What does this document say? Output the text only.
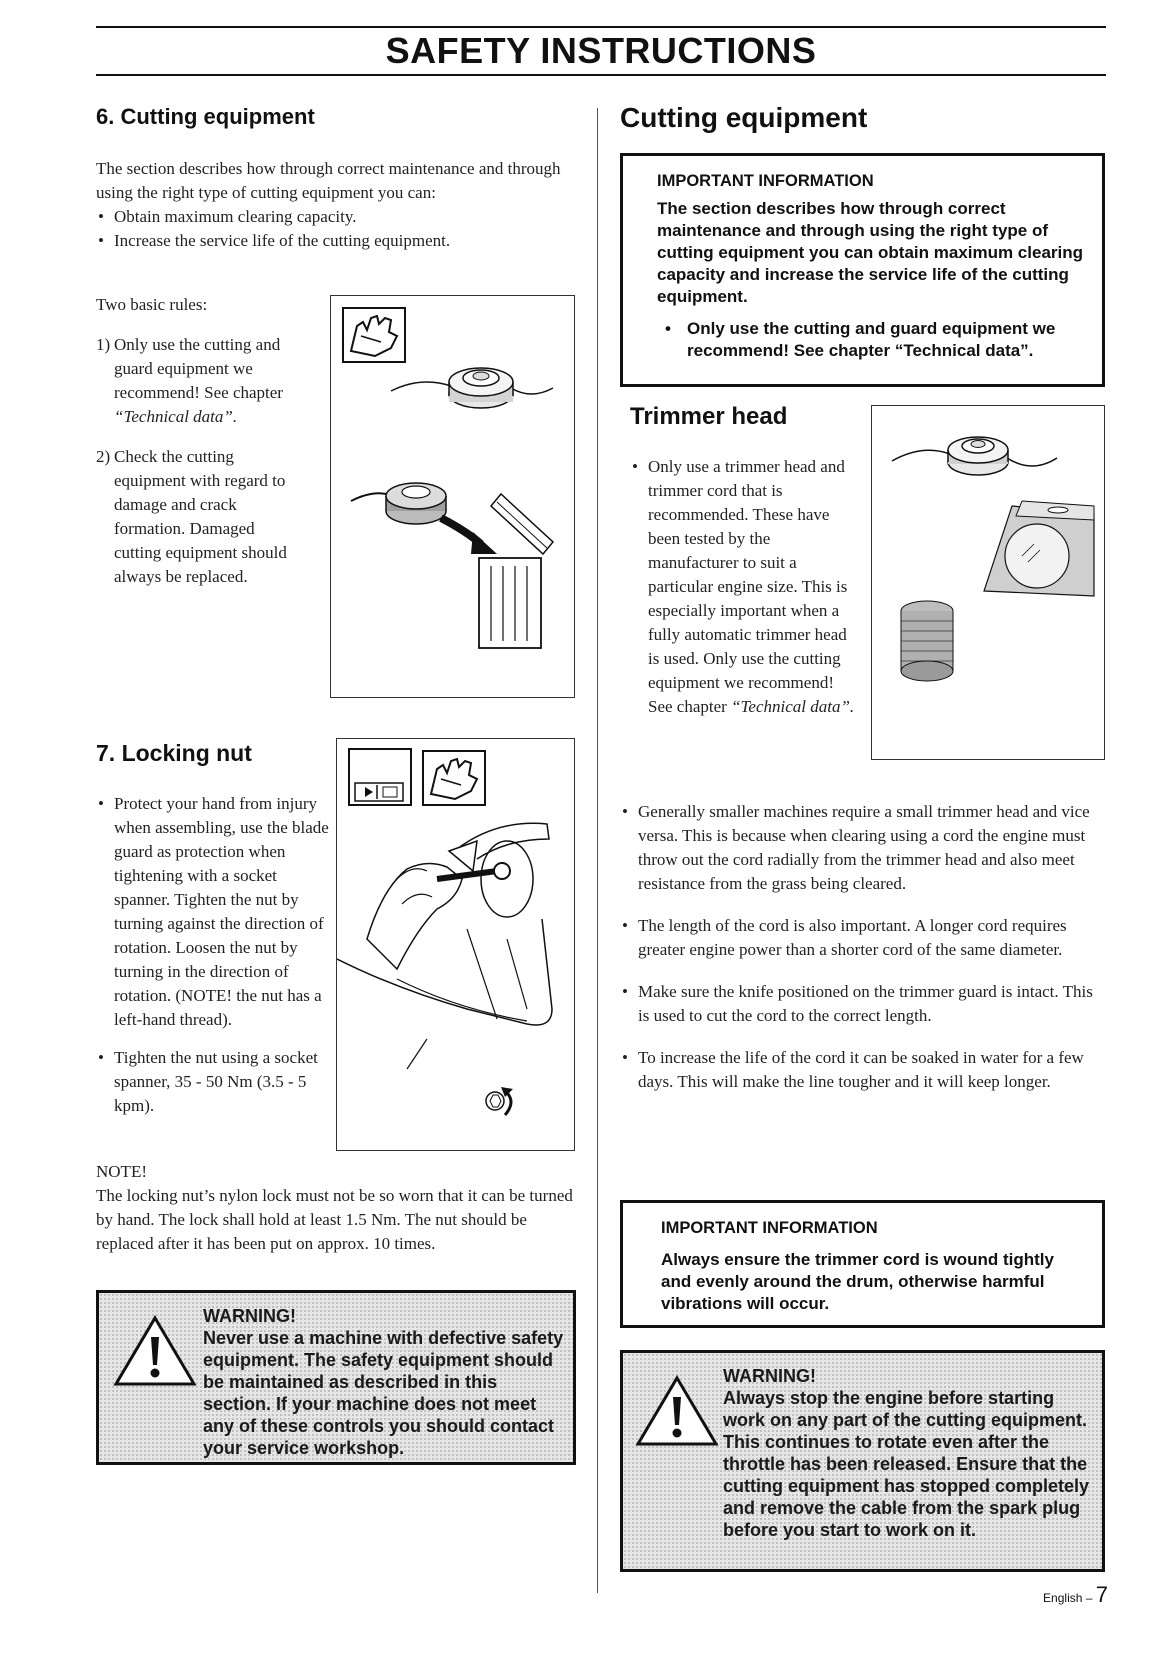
SAFETY INSTRUCTIONS
6. Cutting equipment
The section describes how through correct maintenance and through using the right type of cutting equipment you can:
• Obtain maximum clearing capacity.
• Increase the service life of the cutting equipment.
Two basic rules:
1) Only use the cutting and guard equipment we recommend! See chapter “Technical data”.
2) Check the cutting equipment with regard to damage and crack formation. Damaged cutting equipment should always be replaced.
7. Locking nut
• Protect your hand from injury when assembling, use the blade guard as protection when tightening with a socket spanner. Tighten the nut by turning against the direction of rotation. Loosen the nut by turning in the direction of rotation. (NOTE! the nut has a left-hand thread).
• Tighten the nut using a socket spanner, 35 - 50 Nm (3.5 - 5 kpm).
NOTE!
The locking nut’s nylon lock must not be so worn that it can be turned by hand. The lock shall hold at least 1.5 Nm. The nut should be replaced after it has been put on approx. 10 times.
WARNING!
Never use a machine with defective safety equipment. The safety equipment should be maintained as described in this section. If your machine does not meet any of these controls you should contact your service workshop.
Cutting equipment
IMPORTANT INFORMATION
The section describes how through correct maintenance and through using the right type of cutting equipment you can obtain maximum clearing capacity and increase the service life of the cutting equipment.
• Only use the cutting and guard equipment we recommend! See chapter “Technical data”.
Trimmer head
• Only use a trimmer head and trimmer cord that is recommended. These have been tested by the manufacturer to suit a particular engine size. This is especially important when a fully automatic trimmer head is used. Only use the cutting equipment we recommend! See chapter “Technical data”.
• Generally smaller machines require a small trimmer head and vice versa. This is because when clearing using a cord the engine must throw out the cord radially from the trimmer head and also meet resistance from the grass being cleared.
• The length of the cord is also important. A longer cord requires greater engine power than a shorter cord of the same diameter.
• Make sure the knife positioned on the trimmer guard is intact. This is used to cut the cord to the correct length.
• To increase the life of the cord it can be soaked in water for a few days. This will make the line tougher and it will keep longer.
IMPORTANT INFORMATION
Always ensure the trimmer cord is wound tightly and evenly around the drum, otherwise harmful vibrations will occur.
WARNING!
Always stop the engine before starting work on any part of the cutting equipment. This continues to rotate even after the throttle has been released. Ensure that the cutting equipment has stopped completely and remove the cable from the spark plug before you start to work on it.
English – 7
